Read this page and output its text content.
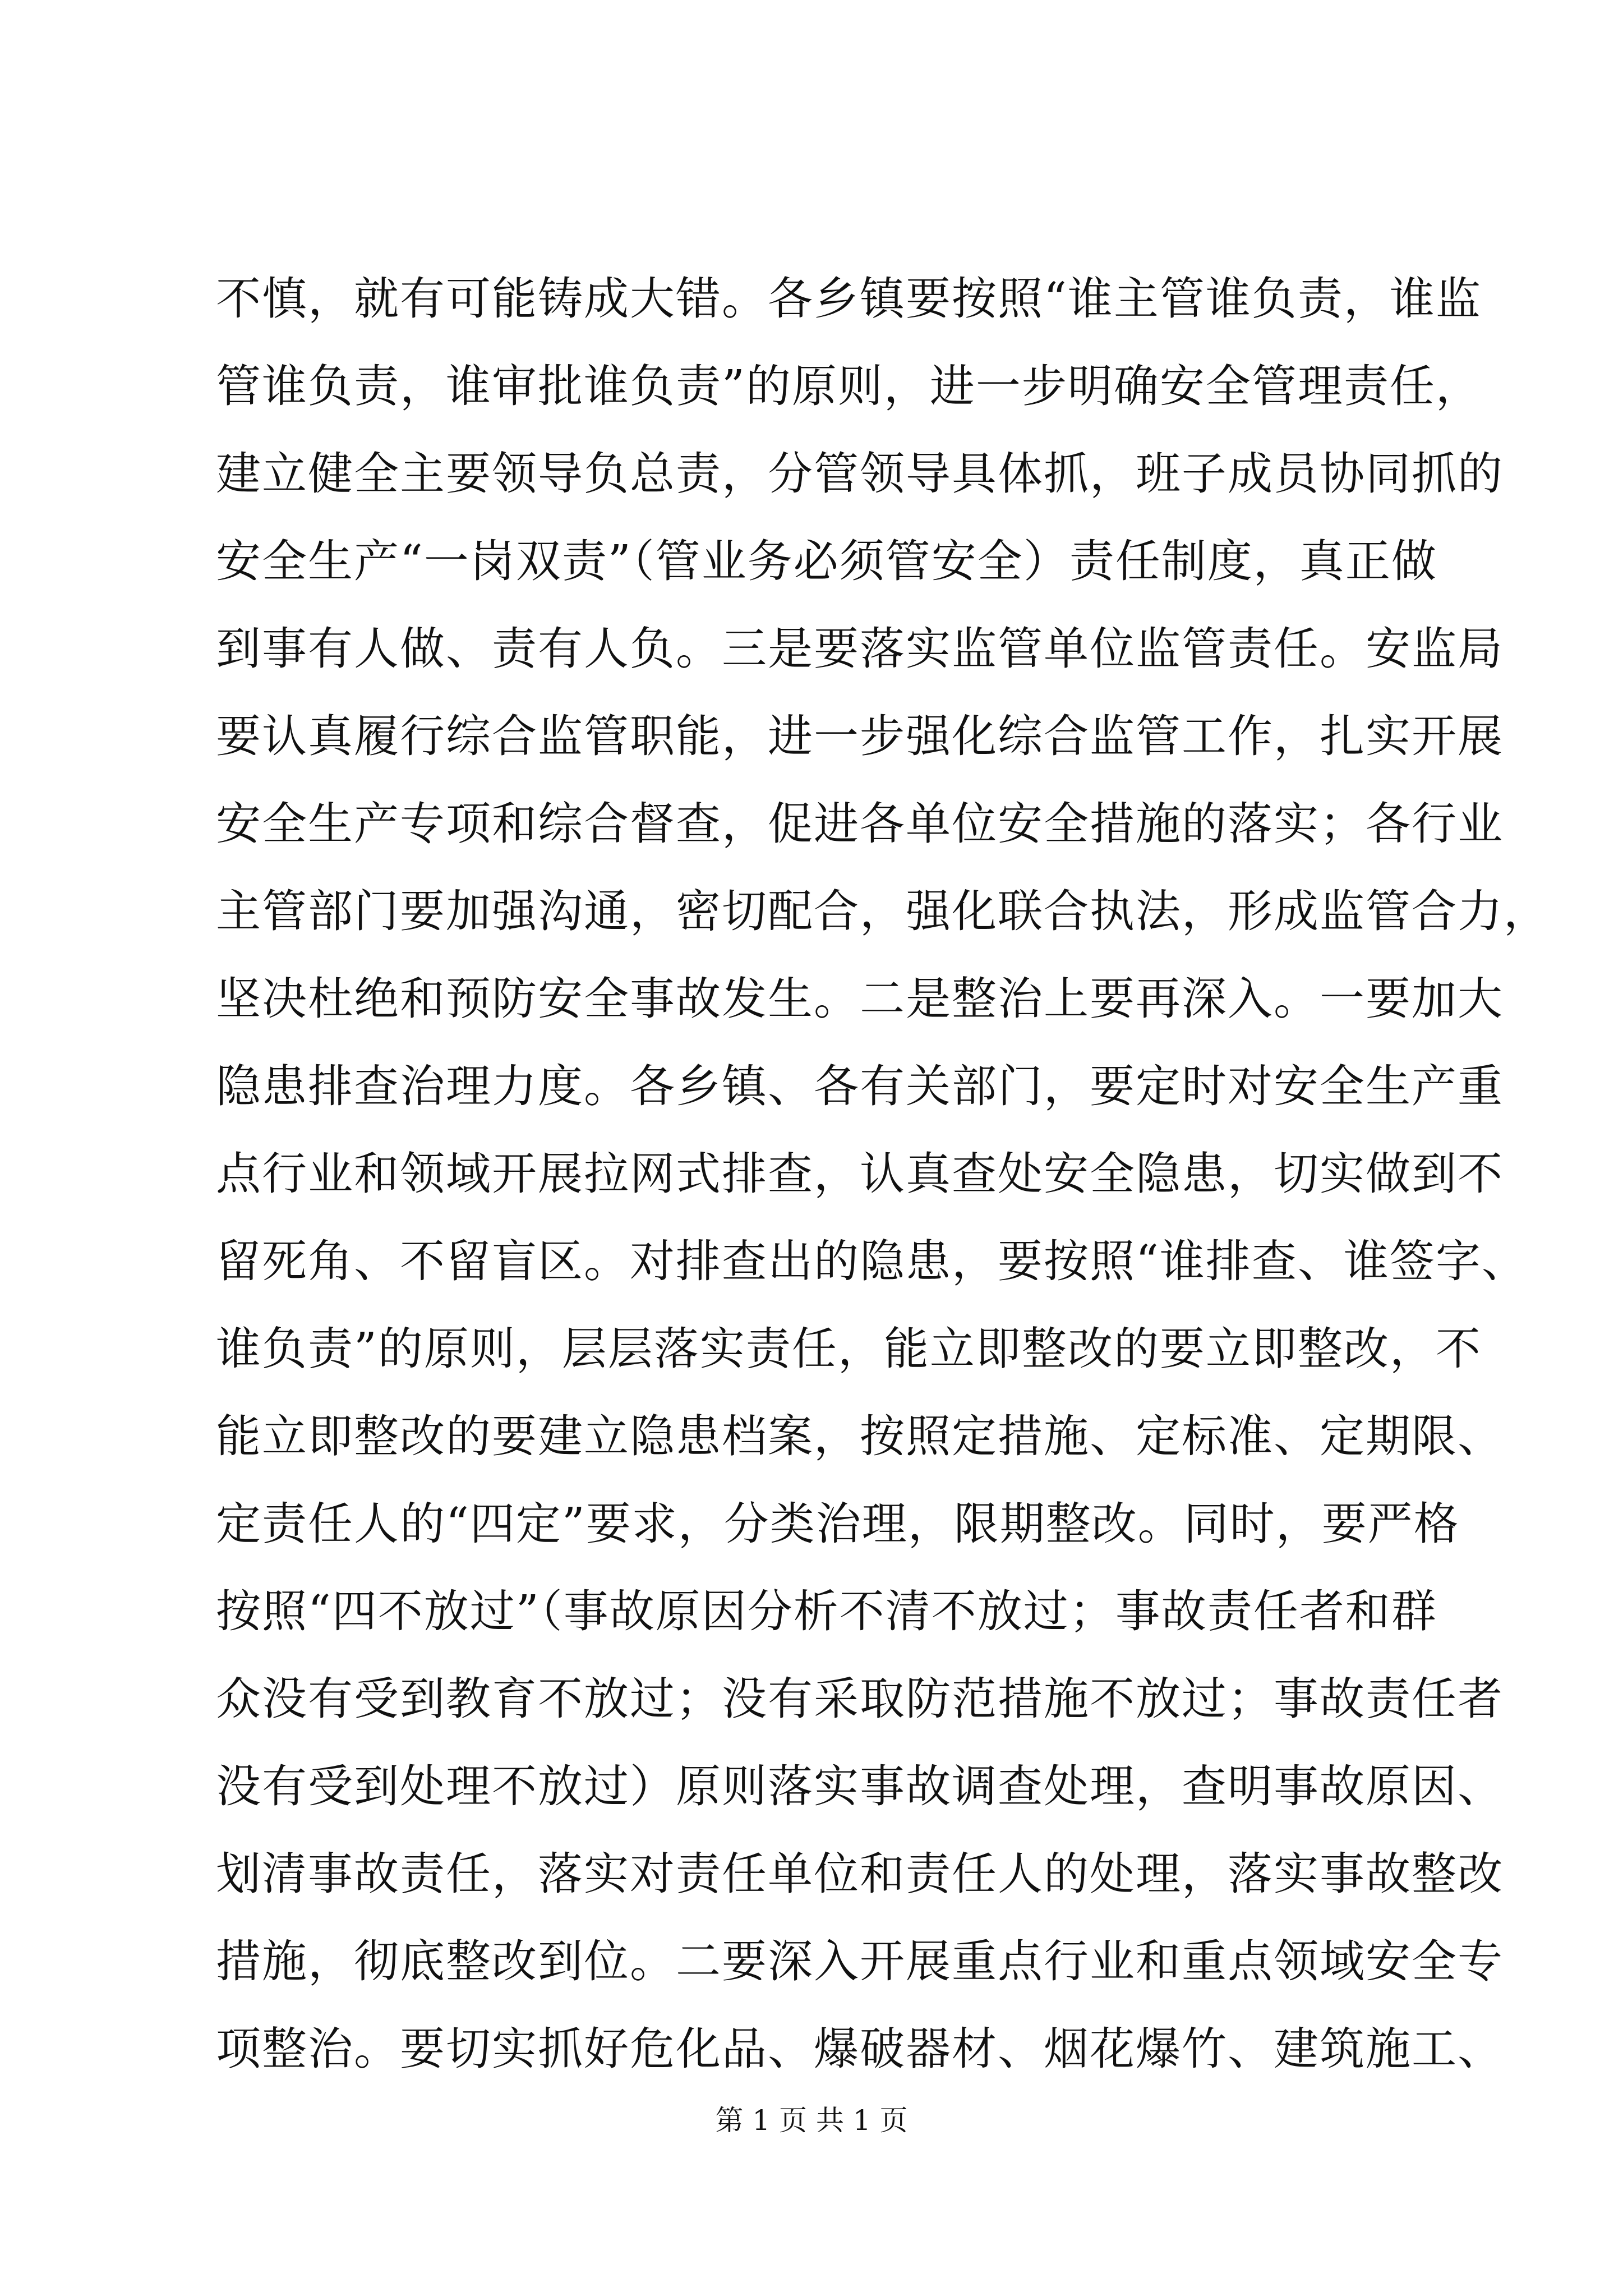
不慎，就有可能铸成大错。各乡镇要按照“谁主管谁负责，谁监
管谁负责，谁审批谁负责”的原则，进一步明确安全管理责任，
建立健全主要领导负总责，分管领导具体抓，班子成员协同抓的
安全生产“一岗双责”（管业务必须管安全）责任制度，真正做
到事有人做、责有人负。三是要落实监管单位监管责任。安监局
要认真履行综合监管职能，进一步强化综合监管工作，扎实开展
安全生产专项和综合督查，促进各单位安全措施的落实；各行业
主管部门要加强沟通，密切配合，强化联合执法，形成监管合力，
坚决杜绝和预防安全事故发生。二是整治上要再深入。一要加大
隐患排查治理力度。各乡镇、各有关部门，要定时对安全生产重
点行业和领域开展拉网式排查，认真查处安全隐患，切实做到不
留死角、不留盲区。对排查出的隐患，要按照“谁排查、谁签字、
谁负责”的原则，层层落实责任，能立即整改的要立即整改，不
能立即整改的要建立隐患档案，按照定措施、定标准、定期限、
定责任人的“四定”要求，分类治理，限期整改。同时，要严格
按照“四不放过”（事故原因分析不清不放过；事故责任者和群
众没有受到教育不放过；没有采取防范措施不放过；事故责任者
没有受到处理不放过）原则落实事故调查处理，查明事故原因、
划清事故责任，落实对责任单位和责任人的处理，落实事故整改
措施，彻底整改到位。二要深入开展重点行业和重点领域安全专
项整治。要切实抓好危化品、爆破器材、烟花爆竹、建筑施工、
第 1 页 共 1 页
